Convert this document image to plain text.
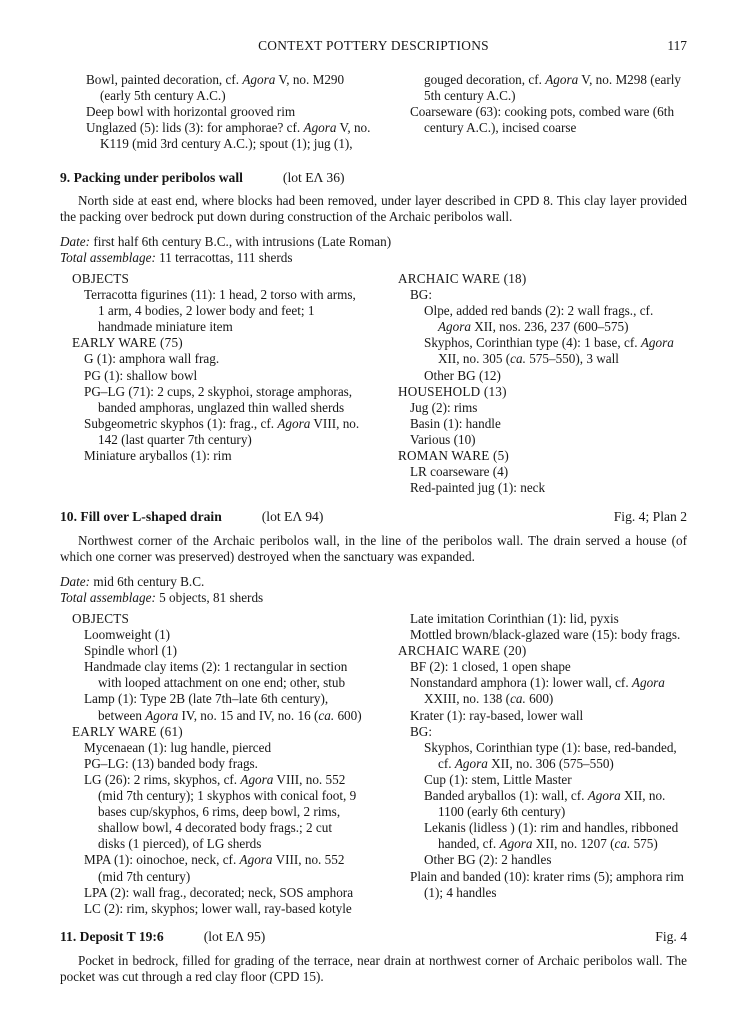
CONTEXT POTTERY DESCRIPTIONS	117
Bowl, painted decoration, cf. Agora V, no. M290 (early 5th century A.C.)
Deep bowl with horizontal grooved rim
Unglazed (5): lids (3): for amphorae? cf. Agora V, no. K119 (mid 3rd century A.C.); spout (1); jug (1),
gouged decoration, cf. Agora V, no. M298 (early 5th century A.C.)
Coarseware (63): cooking pots, combed ware (6th century A.C.), incised coarse
9. Packing under peribolos wall	(lot EΛ 36)
North side at east end, where blocks had been removed, under layer described in CPD 8. This clay layer provided the packing over bedrock put down during construction of the Archaic peribolos wall.
Date: first half 6th century B.C., with intrusions (Late Roman)
Total assemblage: 11 terracottas, 111 sherds
OBJECTS
Terracotta figurines (11): 1 head, 2 torso with arms, 1 arm, 4 bodies, 2 lower body and feet; 1 handmade miniature item
EARLY WARE (75)
G (1): amphora wall frag.
PG (1): shallow bowl
PG–LG (71): 2 cups, 2 skyphoi, storage amphoras, banded amphoras, unglazed thin walled sherds
Subgeometric skyphos (1): frag., cf. Agora VIII, no. 142 (last quarter 7th century)
Miniature aryballos (1): rim
ARCHAIC WARE (18)
BG:
Olpe, added red bands (2): 2 wall frags., cf. Agora XII, nos. 236, 237 (600–575)
Skyphos, Corinthian type (4): 1 base, cf. Agora XII, no. 305 (ca. 575–550), 3 wall
Other BG (12)
HOUSEHOLD (13)
Jug (2): rims
Basin (1): handle
Various (10)
ROMAN WARE (5)
LR coarseware (4)
Red-painted jug (1): neck
10. Fill over L-shaped drain	(lot EΛ 94)	Fig. 4; Plan 2
Northwest corner of the Archaic peribolos wall, in the line of the peribolos wall. The drain served a house (of which one corner was preserved) destroyed when the sanctuary was expanded.
Date: mid 6th century B.C.
Total assemblage: 5 objects, 81 sherds
OBJECTS
Loomweight (1)
Spindle whorl (1)
Handmade clay items (2): 1 rectangular in section with looped attachment on one end; other, stub
Lamp (1): Type 2B (late 7th–late 6th century), between Agora IV, no. 15 and IV, no. 16 (ca. 600)
EARLY WARE (61)
Mycenaean (1): lug handle, pierced
PG–LG: (13) banded body frags.
LG (26): 2 rims, skyphos, cf. Agora VIII, no. 552 (mid 7th century); 1 skyphos with conical foot, 9 bases cup/skyphos, 6 rims, deep bowl, 2 rims, shallow bowl, 4 decorated body frags.; 2 cut disks (1 pierced), of LG sherds
MPA (1): oinochoe, neck, cf. Agora VIII, no. 552 (mid 7th century)
LPA (2): wall frag., decorated; neck, SOS amphora
LC (2): rim, skyphos; lower wall, ray-based kotyle
Late imitation Corinthian (1): lid, pyxis
Mottled brown/black-glazed ware (15): body frags.
ARCHAIC WARE (20)
BF (2): 1 closed, 1 open shape
Nonstandard amphora (1): lower wall, cf. Agora XXIII, no. 138 (ca. 600)
Krater (1): ray-based, lower wall
BG:
Skyphos, Corinthian type (1): base, red-banded, cf. Agora XII, no. 306 (575–550)
Cup (1): stem, Little Master
Banded aryballos (1): wall, cf. Agora XII, no. 1100 (early 6th century)
Lekanis (lidless ) (1): rim and handles, ribboned handed, cf. Agora XII, no. 1207 (ca. 575)
Other BG (2): 2 handles
Plain and banded (10): krater rims (5); amphora rim (1); 4 handles
11. Deposit T 19:6	(lot EΛ 95)	Fig. 4
Pocket in bedrock, filled for grading of the terrace, near drain at northwest corner of Archaic peribolos wall. The pocket was cut through a red clay floor (CPD 15).
